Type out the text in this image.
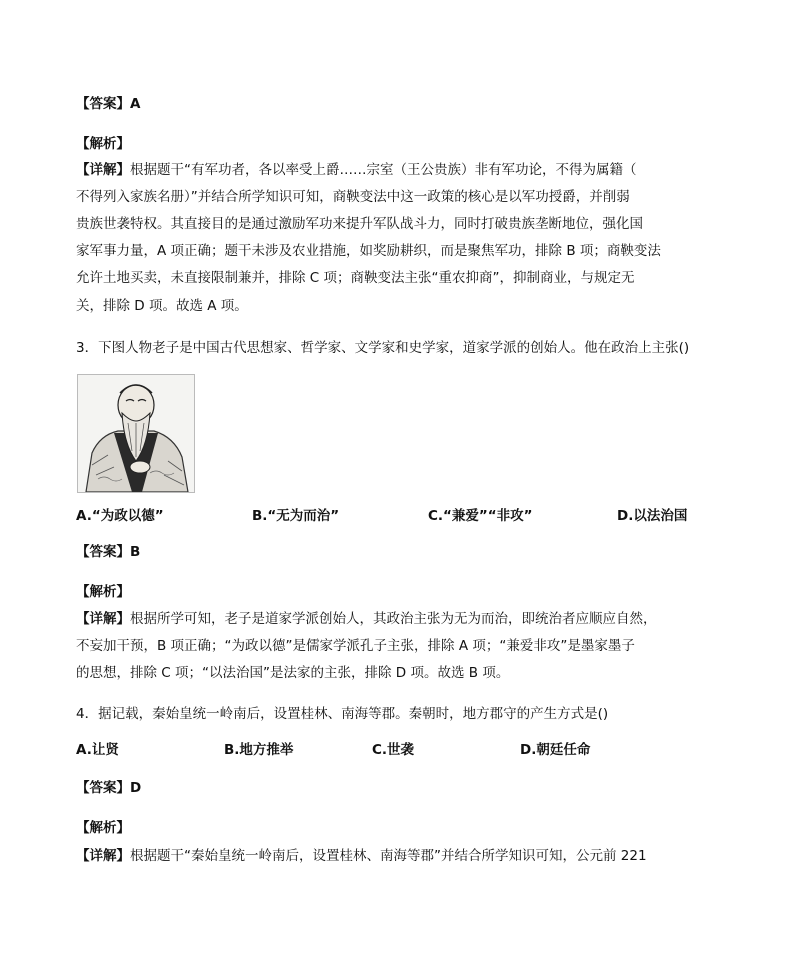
【答案】A
【解析】
【详解】根据题干“有军功者，各以率受上爵……宗室（王公贵族）非有军功论，不得为属籍（
不得列入家族名册）”并结合所学知识可知，商鞅变法中这一政策的核心是以军功授爵，并削弱
贵族世袭特权。其直接目的是通过激励军功来提升军队战斗力，同时打破贵族垄断地位，强化国
家军事力量，A 项正确；题干未涉及农业措施，如奖励耕织，而是聚焦军功，排除 B 项；商鞅变法
允许土地买卖，未直接限制兼并，排除 C 项；商鞅变法主张“重农抑商”，抑制商业，与规定无
关，排除 D 项。故选 A 项。
3．下图人物老子是中国古代思想家、哲学家、文学家和史学家，道家学派的创始人。他在政治上主张()
A.“为政以德”	B.“无为而治”	C.“兼爱”“非攻”	D.以法治国
【答案】B
【解析】
【详解】根据所学可知，老子是道家学派创始人，其政治主张为无为而治，即统治者应顺应自然，
不妄加干预，B 项正确；“为政以德”是儒家学派孔子主张，排除 A 项；“兼爱非攻”是墨家墨子
的思想，排除 C 项；“以法治国”是法家的主张，排除 D 项。故选 B 项。
4．据记载，秦始皇统一岭南后，设置桂林、南海等郡。秦朝时，地方郡守的产生方式是()
A.让贤	B.地方推举	C.世袭	D.朝廷任命
【答案】D
【解析】
【详解】根据题干“秦始皇统一岭南后，设置桂林、南海等郡”并结合所学知识可知，公元前 221
